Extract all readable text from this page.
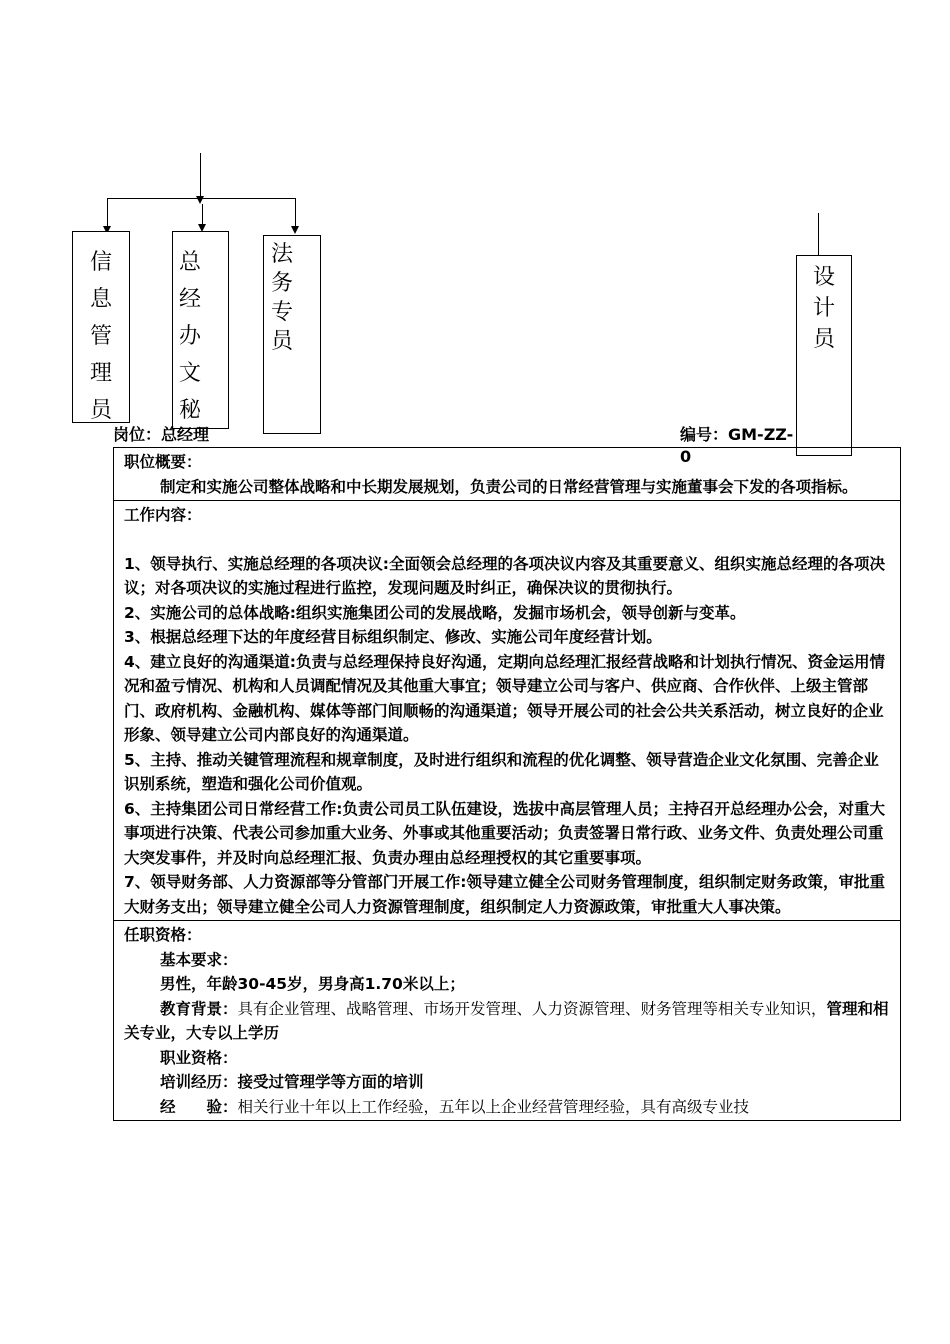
信
息
管
理
员
总
经
办
文
秘
法
务
专
员
设
计
员
岗位：总经理	编号：GM-ZZ-0
职位概要：
制定和实施公司整体战略和中长期发展规划，负责公司的日常经营管理与实施董事会下发的各项指标。

工作内容：
1、领导执行、实施总经理的各项决议:全面领会总经理的各项决议内容及其重要意义、组织实施总经理的各项决议；对各项决议的实施过程进行监控，发现问题及时纠正，确保决议的贯彻执行。
2、实施公司的总体战略:组织实施集团公司的发展战略，发掘市场机会，领导创新与变革。
3、根据总经理下达的年度经营目标组织制定、修改、实施公司年度经营计划。
4、建立良好的沟通渠道:负责与总经理保持良好沟通，定期向总经理汇报经营战略和计划执行情况、资金运用情况和盈亏情况、机构和人员调配情况及其他重大事宜；领导建立公司与客户、供应商、合作伙伴、上级主管部门、政府机构、金融机构、媒体等部门间顺畅的沟通渠道；领导开展公司的社会公共关系活动，树立良好的企业形象、领导建立公司内部良好的沟通渠道。
5、主持、推动关键管理流程和规章制度，及时进行组织和流程的优化调整、领导营造企业文化氛围、完善企业识别系统，塑造和强化公司价值观。
6、主持集团公司日常经营工作:负责公司员工队伍建设，选拔中高层管理人员；主持召开总经理办公会，对重大事项进行决策、代表公司参加重大业务、外事或其他重要活动；负责签署日常行政、业务文件、负责处理公司重大突发事件，并及时向总经理汇报、负责办理由总经理授权的其它重要事项。
7、领导财务部、人力资源部等分管部门开展工作:领导建立健全公司财务管理制度，组织制定财务政策，审批重大财务支出；领导建立健全公司人力资源管理制度，组织制定人力资源政策，审批重大人事决策。

任职资格：
基本要求：
男性，年龄30-45岁，男身高1.70米以上；
教育背景：具有企业管理、战略管理、市场开发管理、人力资源管理、财务管理等相关专业知识，管理和相关专业，大专以上学历
职业资格：
培训经历：接受过管理学等方面的培训
经　　验：相关行业十年以上工作经验，五年以上企业经营管理经验，具有高级专业技
